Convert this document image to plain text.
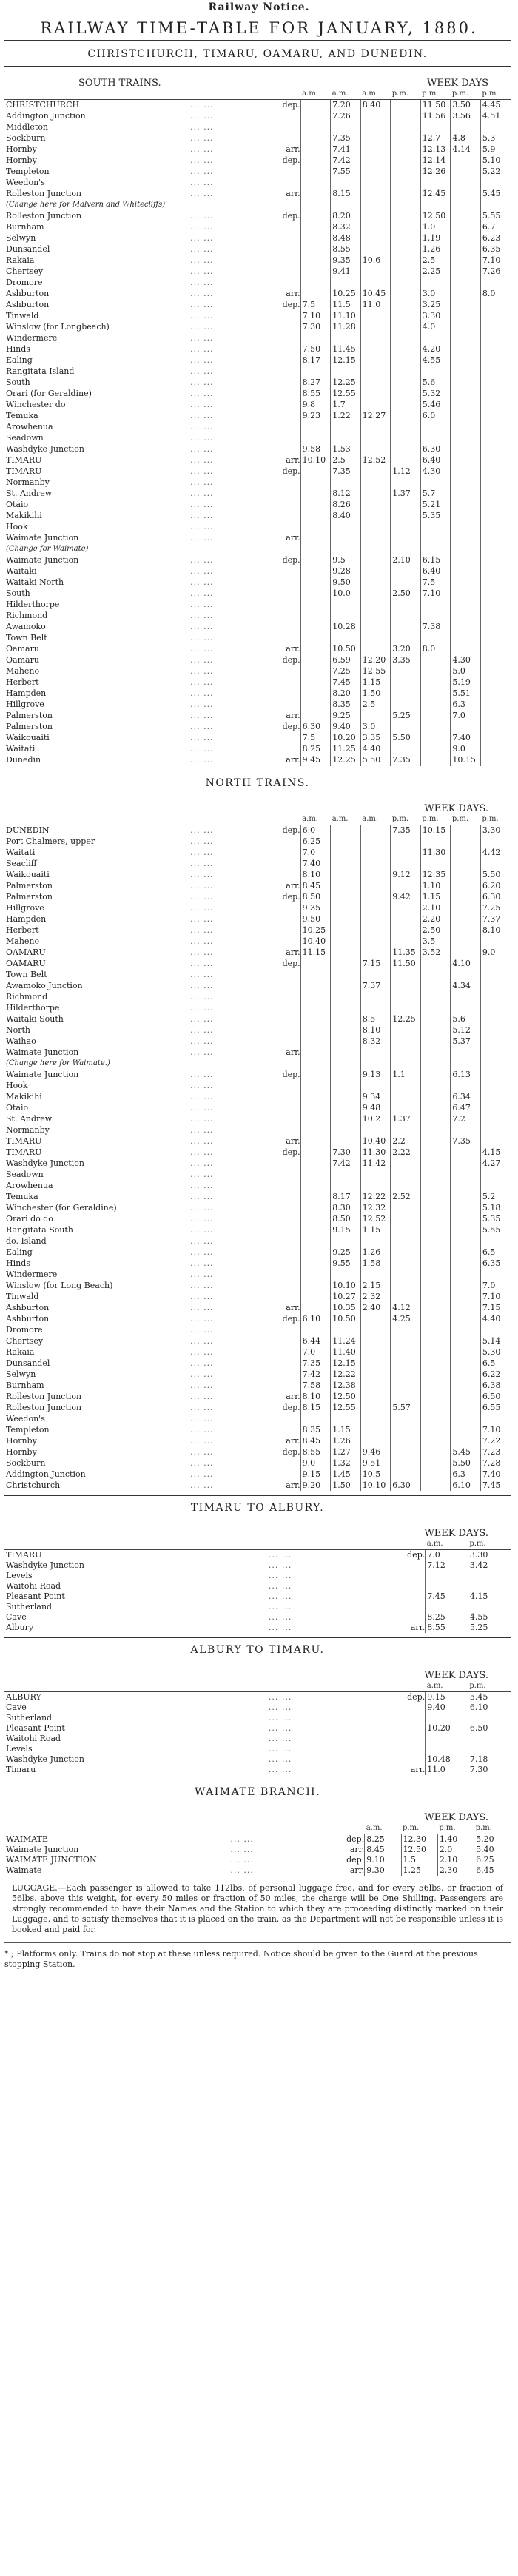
Railway Notice.
RAILWAY TIME-TABLE FOR JANUARY, 1880.
CHRISTCHURCH, TIMARU, OAMARU, AND DUNEDIN.
SOUTH TRAINS.	WEEK DAYS
			a.m.	a.m.	a.m.	p.m.	p.m.	p.m.	p.m.
CHRISTCHURCH	... ...	dep.		7.20	8.40		11.50	3.50	4.45
Addington Junction	... ...			7.26			11.56	3.56	4.51
Middleton	... ...								
Sockburn	... ...			7.35			12.7	4.8	5.3
Hornby	... ...	arr.		7.41			12.13	4.14	5.9
Hornby	... ...	dep.		7.42			12.14		5.10
Templeton	... ...			7.55			12.26		5.22
Weedon's	... ...								
Rolleston Junction	... ...	arr.		8.15			12.45		5.45
(Change here for Malvern and Whitecliffs)									
Rolleston Junction	... ...	dep.		8.20			12.50		5.55
Burnham	... ...			8.32			1.0		6.7
Selwyn	... ...			8.48			1.19		6.23
Dunsandel	... ...			8.55			1.26		6.35
Rakaia	... ...			9.35	10.6		2.5		7.10
Chertsey	... ...			9.41			2.25		7.26
Dromore	... ...								
Ashburton	... ...	arr.		10.25	10.45		3.0		8.0
Ashburton	... ...	dep.	7.5	11.5	11.0		3.25		
Tinwald	... ...		7.10	11.10			3.30		
Winslow (for Longbeach)	... ...		7.30	11.28			4.0		
Windermere	... ...								
Hinds	... ...		7.50	11.45			4.20		
Ealing	... ...		8.17	12.15			4.55		
Rangitata Island	... ...								
South	... ...		8.27	12.25			5.6		
Orari (for Geraldine)	... ...		8.55	12.55			5.32		
Winchester do	... ...		9.8	1.7			5.46		
Temuka	... ...		9.23	1.22	12.27		6.0		
Arowhenua	... ...								
Seadown	... ...								
Washdyke Junction	... ...		9.58	1.53			6.30		
TIMARU	... ...	arr.	10.10	2.5	12.52		6.40		
TIMARU	... ...	dep.		7.35		1.12	4.30		
Normanby	... ...								
St. Andrew	... ...			8.12		1.37	5.7		
Otaio	... ...			8.26			5.21		
Makikihi	... ...			8.40			5.35		
Hook	... ...								
Waimate Junction	... ...	arr.							
(Change for Waimate)									
Waimate Junction	... ...	dep.		9.5		2.10	6.15		
Waitaki	... ...			9.28			6.40		
Waitaki North	... ...			9.50			7.5		
South	... ...			10.0		2.50	7.10		
Hilderthorpe	... ...								
Richmond	... ...								
Awamoko	... ...			10.28			7.38		
Town Belt	... ...								
Oamaru	... ...	arr.		10.50		3.20	8.0		
Oamaru	... ...	dep.		6.59	12.20	3.35		4.30	
Maheno	... ...			7.25	12.55			5.0	
Herbert	... ...			7.45	1.15			5.19	
Hampden	... ...			8.20	1.50			5.51	
Hillgrove	... ...			8.35	2.5			6.3	
Palmerston	... ...	arr.		9.25		5.25		7.0	
Palmerston	... ...	dep.	6.30	9.40	3.0				
Waikouaiti	... ...		7.5	10.20	3.35	5.50		7.40	
Waitati	... ...		8.25	11.25	4.40			9.0	
Dunedin	... ...	arr.	9.45	12.25	5.50	7.35		10.15	
NORTH TRAINS.
WEEK DAYS.
			a.m.	a.m.	a.m.	p.m.	p.m.	p.m.	p.m.
DUNEDIN	... ...	dep.	6.0			7.35	10.15		3.30
Port Chalmers, upper	... ...		6.25						
Waitati	... ...		7.0				11.30		4.42
Seacliff	... ...		7.40						
Waikouaiti	... ...		8.10			9.12	12.35		5.50
Palmerston	... ...	arr.	8.45				1.10		6.20
Palmerston	... ...	dep.	8.50			9.42	1.15		6.30
Hillgrove	... ...		9.35				2.10		7.25
Hampden	... ...		9.50				2.20		7.37
Herbert	... ...		10.25				2.50		8.10
Maheno	... ...		10.40				3.5		
OAMARU	... ...	arr.	11.15			11.35	3.52		9.0
OAMARU	... ...	dep.			7.15	11.50		4.10	
Town Belt	... ...								
Awamoko Junction	... ...				7.37			4.34	
Richmond	... ...								
Hilderthorpe	... ...								
Waitaki South	... ...				8.5	12.25		5.6	
North	... ...				8.10			5.12	
Waihao	... ...				8.32			5.37	
Waimate Junction	... ...	arr.							
(Change here for Waimate.)									
Waimate Junction	... ...	dep.			9.13	1.1		6.13	
Hook	... ...								
Makikihi	... ...				9.34			6.34	
Otaio	... ...				9.48			6.47	
St. Andrew	... ...				10.2	1.37		7.2	
Normanby	... ...								
TIMARU	... ...	arr.			10.40	2.2		7.35	
TIMARU	... ...	dep.		7.30	11.30	2.22			4.15
Washdyke Junction	... ...			7.42	11.42				4.27
Seadown	... ...								
Arowhenua	... ...								
Temuka	... ...			8.17	12.22	2.52			5.2
Winchester (for Geraldine)	... ...			8.30	12.32				5.18
Orari do do	... ...			8.50	12.52				5.35
Rangitata South	... ...			9.15	1.15				5.55
do. Island	... ...								
Ealing	... ...			9.25	1.26				6.5
Hinds	... ...			9.55	1.58				6.35
Windermere	... ...								
Winslow (for Long Beach)	... ...			10.10	2.15				7.0
Tinwald	... ...			10.27	2.32				7.10
Ashburton	... ...	arr.		10.35	2.40	4.12			7.15
Ashburton	... ...	dep.	6.10	10.50		4.25			4.40
Dromore	... ...								
Chertsey	... ...		6.44	11.24					5.14
Rakaia	... ...		7.0	11.40					5.30
Dunsandel	... ...		7.35	12.15					6.5
Selwyn	... ...		7.42	12.22					6.22
Burnham	... ...		7.58	12.38					6.38
Rolleston Junction	... ...	arr.	8.10	12.50					6.50
Rolleston Junction	... ...	dep.	8.15	12.55		5.57			6.55
Weedon's	... ...								
Templeton	... ...		8.35	1.15					7.10
Hornby	... ...	arr.	8.45	1.26					7.22
Hornby	... ...	dep.	8.55	1.27	9.46			5.45	7.23
Sockburn	... ...		9.0	1.32	9.51			5.50	7.28
Addington Junction	... ...		9.15	1.45	10.5			6.3	7.40
Christchurch	... ...	arr.	9.20	1.50	10.10	6.30		6.10	7.45
TIMARU TO ALBURY.
WEEK DAYS.
			a.m.	p.m.
TIMARU	... ...	dep.	7.0	3.30
Washdyke Junction	... ...		7.12	3.42
Levels	... ...			
Waitohi Road	... ...			
Pleasant Point	... ...		7.45	4.15
Sutherland	... ...			
Cave	... ...		8.25	4.55
Albury	... ...	arr.	8.55	5.25
ALBURY TO TIMARU.
WEEK DAYS.
			a.m.	p.m.
ALBURY	... ...	dep.	9.15	5.45
Cave	... ...		9.40	6.10
Sutherland	... ...			
Pleasant Point	... ...		10.20	6.50
Waitohi Road	... ...			
Levels	... ...			
Washdyke Junction	... ...		10.48	7.18
Timaru	... ...	arr.	11.0	7.30
WAIMATE BRANCH.
WEEK DAYS.
			a.m.	p.m.	p.m.	p.m.
WAIMATE	... ...	dep.	8.25	12.30	1.40	5.20
Waimate Junction	... ...	arr.	8.45	12.50	2.0	5.40
WAIMATE JUNCTION	... ...	dep.	9.10	1.5	2.10	6.25
Waimate	... ...	arr.	9.30	1.25	2.30	6.45
LUGGAGE.—Each passenger is allowed to take 112lbs. of personal luggage free, and for every 56lbs. or fraction of 56lbs. above this weight, for every 50 miles or fraction of 50 miles, the charge will be One Shilling. Passengers are strongly recommended to have their Names and the Station to which they are proceeding distinctly marked on their Luggage, and to satisfy themselves that it is placed on the train, as the Department will not be responsible unless it is booked and paid for.
* ; Platforms only. Trains do not stop at these unless required. Notice should be given to the Guard at the previous stopping Station.
